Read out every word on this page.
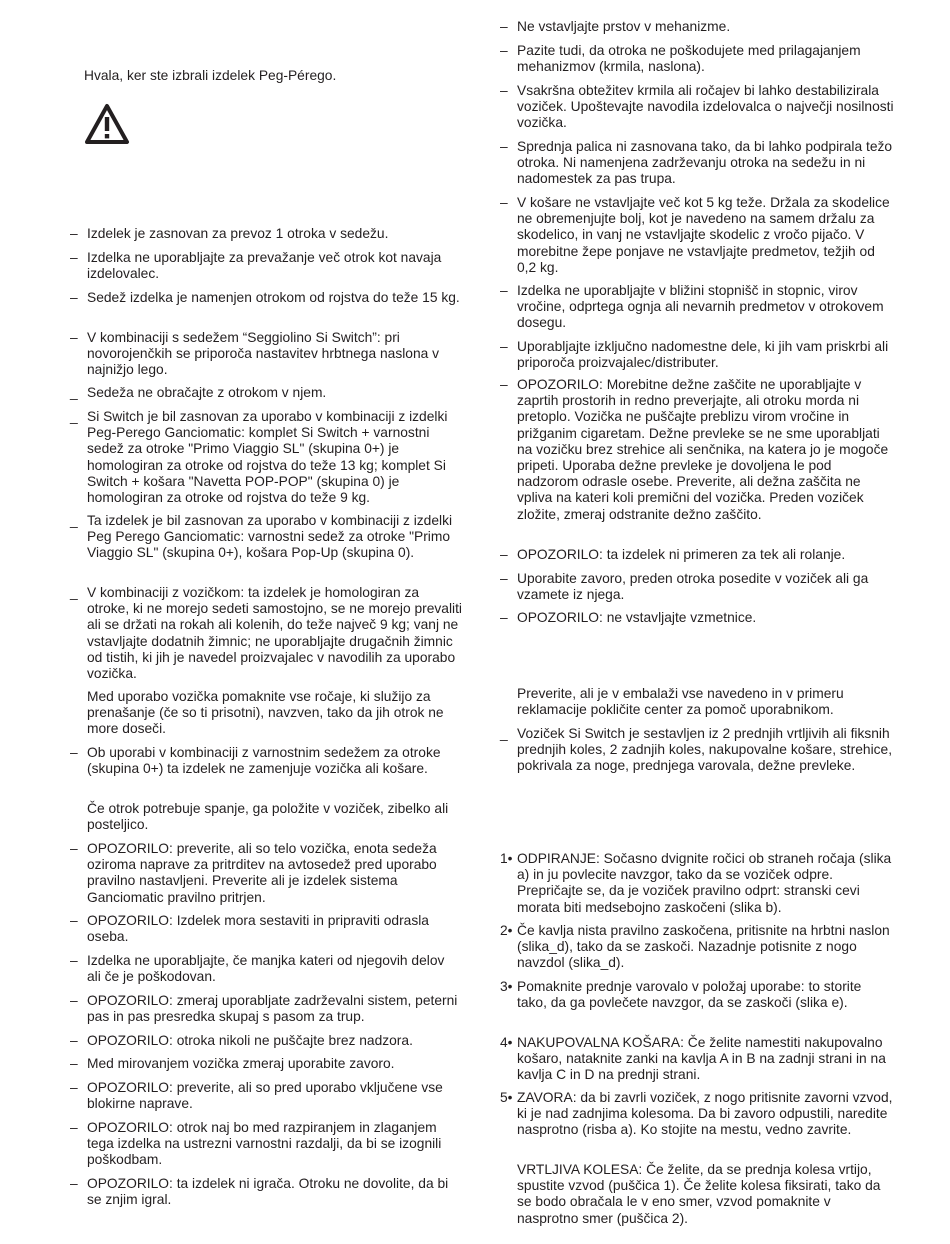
Hvala, ker ste izbrali izdelek Peg-Pérego.
– Izdelek je zasnovan za prevoz 1 otroka v sedežu.

– Izdelka ne uporabljajte za prevažanje več otrok kot navaja izdelovalec.

– Sedež izdelka je namenjen otrokom od rojstva do teže 15 kg.

– V kombinaciji s sedežem “Seggiolino Si Switch”: pri novorojenčkih se priporoča nastavitev hrbtnega naslona v najnižjo lego.

_ Sedeža ne obračajte z otrokom v njem.

_ Si Switch je bil zasnovan za uporabo v kombinaciji z izdelki Peg-Perego Ganciomatic: komplet Si Switch + varnostni sedež za otroke "Primo Viaggio SL" (skupina 0+) je homologiran za otroke od rojstva do teže 13 kg; komplet Si Switch + košara "Navetta POP-POP" (skupina 0) je homologiran za otroke od rojstva do teže 9 kg.

_ Ta izdelek je bil zasnovan za uporabo v kombinaciji z izdelki Peg Perego Ganciomatic: varnostni sedež za otroke "Primo Viaggio SL" (skupina 0+), košara Pop-Up (skupina 0).

_ V kombinaciji z vozičkom: ta izdelek je homologiran za otroke, ki ne morejo sedeti samostojno, se ne morejo prevaliti ali se držati na rokah ali kolenih, do teže največ 9 kg; vanj ne vstavljajte dodatnih žimnic; ne uporabljajte drugačnih žimnic od tistih, ki jih je navedel proizvajalec v navodilih za uporabo vozička.

Med uporabo vozička pomaknite vse ročaje, ki služijo za prenašanje (če so ti prisotni), navzven, tako da jih otrok ne more doseči.

– Ob uporabi v kombinaciji z varnostnim sedežem za otroke (skupina 0+) ta izdelek ne zamenjuje vozička ali košare.

Če otrok potrebuje spanje, ga položite v voziček, zibelko ali posteljico.

– OPOZORILO: preverite, ali so telo vozička, enota sedeža oziroma naprave za pritrditev na avtosedež pred uporabo pravilno nastavljeni. Preverite ali je izdelek sistema Ganciomatic pravilno pritrjen.

– OPOZORILO: Izdelek mora sestaviti in pripraviti odrasla oseba.

– Izdelka ne uporabljajte, če manjka kateri od njegovih delov ali če je poškodovan.

– OPOZORILO: zmeraj uporabljate zadrževalni sistem, peterni pas in pas presredka skupaj s pasom za trup.

– OPOZORILO: otroka nikoli ne puščajte brez nadzora.

– Med mirovanjem vozička zmeraj uporabite zavoro.

– OPOZORILO: preverite, ali so pred uporabo vključene vse blokirne naprave.

– OPOZORILO: otrok naj bo med razpiranjem in zlaganjem tega izdelka na ustrezni varnostni razdalji, da bi se izognili poškodbam.

– OPOZORILO: ta izdelek ni igrača. Otroku ne dovolite, da bi se znjim igral.

– Ne vstavljajte prstov v mehanizme.

– Pazite tudi, da otroka ne poškodujete med prilagajanjem mehanizmov (krmila, naslona).

– Vsakršna obtežitev krmila ali ročajev bi lahko destabilizirala voziček. Upoštevajte navodila izdelovalca o največji nosilnosti vozička.

– Sprednja palica ni zasnovana tako, da bi lahko podpirala težo otroka. Ni namenjena zadrževanju otroka na sedežu in ni nadomestek za pas trupa.

– V košare ne vstavljajte več kot 5 kg teže. Držala za skodelice ne obremenjujte bolj, kot je navedeno na samem držalu za skodelico, in vanj ne vstavljajte skodelic z vročo pijačo. V morebitne žepe ponjave ne vstavljajte predmetov, težjih od 0,2 kg.

– Izdelka ne uporabljajte v bližini stopnišč in stopnic, virov vročine, odprtega ognja ali nevarnih predmetov v otrokovem dosegu.

– Uporabljajte izključno nadomestne dele, ki jih vam priskrbi ali priporoča proizvajalec/distributer.

– OPOZORILO: Morebitne dežne zaščite ne uporabljajte v zaprtih prostorih in redno preverjajte, ali otroku morda ni pretoplo. Vozička ne puščajte preblizu virom vročine in prižganim cigaretam. Dežne prevleke se ne sme uporabljati na vozičku brez strehice ali senčnika, na katera jo je mogoče pripeti. Uporaba dežne prevleke je dovoljena le pod nadzorom odrasle osebe. Preverite, ali dežna zaščita ne vpliva na kateri koli premični del vozička. Preden voziček zložite, zmeraj odstranite dežno zaščito.

– OPOZORILO: ta izdelek ni primeren za tek ali rolanje.

– Uporabite zavoro, preden otroka posedite v voziček ali ga vzamete iz njega.

– OPOZORILO: ne vstavljajte vzmetnice.

Preverite, ali je v embalaži vse navedeno in v primeru reklamacije pokličite center za pomoč uporabnikom.

_ Voziček Si Switch je sestavljen iz 2 prednjih vrtljivih ali fiksnih prednjih koles, 2 zadnjih koles, nakupovalne košare, strehice, pokrivala za noge, prednjega varovala, dežne prevleke.

1• ODPIRANJE: Sočasno dvignite ročici ob straneh ročaja (slika a) in ju povlecite navzgor, tako da se voziček odpre. Prepričajte se, da je voziček pravilno odprt: stranski cevi morata biti medsebojno zaskočeni (slika b).

2• Če kavlja nista pravilno zaskočena, pritisnite na hrbtni naslon (slika_d), tako da se zaskoči. Nazadnje potisnite z nogo navzdol (slika_d).

3• Pomaknite prednje varovalo v položaj uporabe: to storite tako, da ga povlečete navzgor, da se zaskoči (slika e).

4• NAKUPOVALNA KOŠARA: Če želite namestiti nakupovalno košaro, nataknite zanki na kavlja A in B na zadnji strani in na kavlja C in D na prednji strani.

5• ZAVORA: da bi zavrli voziček, z nogo pritisnite zavorni vzvod, ki je nad zadnjima kolesoma. Da bi zavoro odpustili, naredite nasprotno (risba a). Ko stojite na mestu, vedno zavrite.

VRTLJIVA KOLESA: Če želite, da se prednja kolesa vrtijo, spustite vzvod (puščica 1). Če želite kolesa fiksirati, tako da se bodo obračala le v eno smer, vzvod pomaknite v nasprotno smer (puščica 2).
